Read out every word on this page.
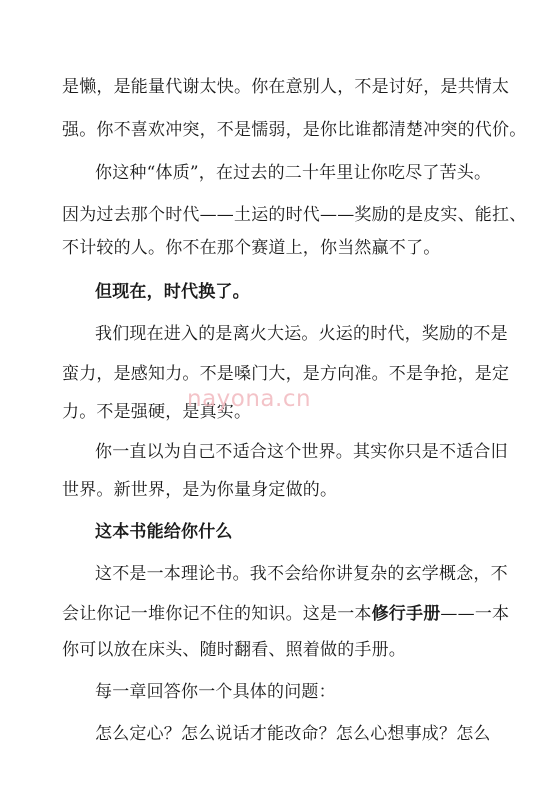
是懒，是能量代谢太快。你在意别人，不是讨好，是共情太
强。你不喜欢冲突，不是懦弱，是你比谁都清楚冲突的代价。
你这种“体质”，在过去的二十年里让你吃尽了苦头。
因为过去那个时代——土运的时代——奖励的是皮实、能扛、
不计较的人。你不在那个赛道上，你当然赢不了。
但现在，时代换了。
我们现在进入的是离火大运。火运的时代，奖励的不是
蛮力，是感知力。不是嗓门大，是方向准。不是争抢，是定
力。不是强硬，是真实。
你一直以为自己不适合这个世界。其实你只是不适合旧
世界。新世界，是为你量身定做的。
这本书能给你什么
这不是一本理论书。我不会给你讲复杂的玄学概念，不
会让你记一堆你记不住的知识。这是一本修行手册——一本
你可以放在床头、随时翻看、照着做的手册。
每一章回答你一个具体的问题：
怎么定心？怎么说话才能改命？怎么心想事成？怎么
nayona.cn
